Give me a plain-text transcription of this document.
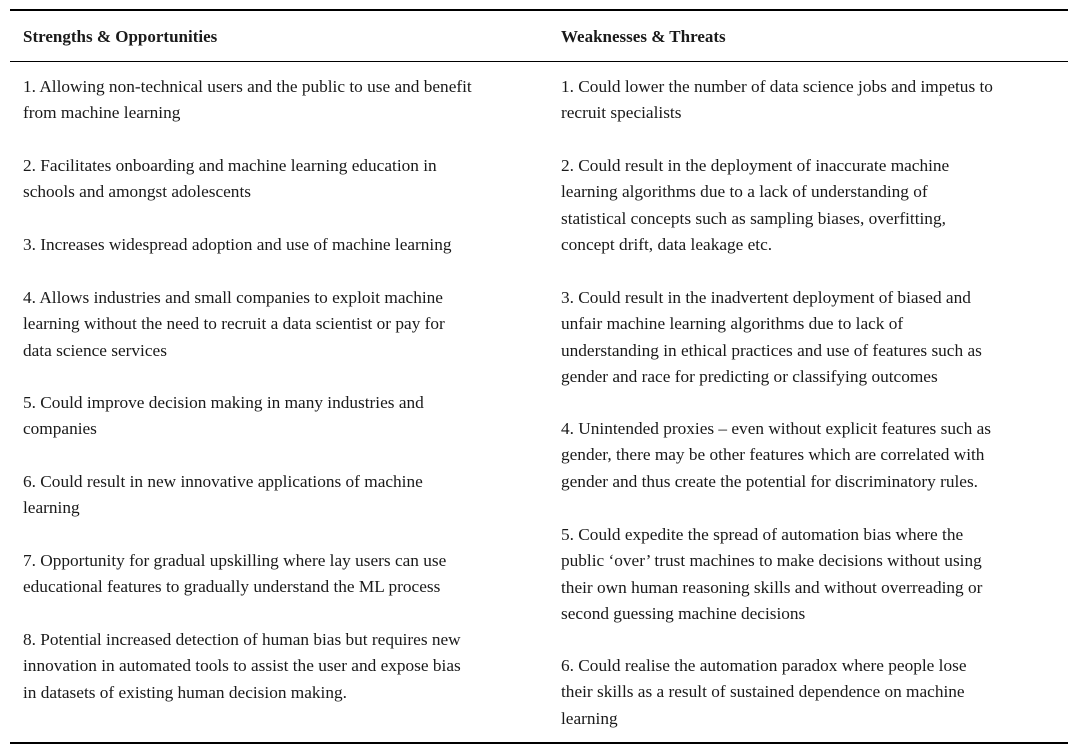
Strengths & Opportunities	Weaknesses & Threats
1. Allowing non-technical users and the public to use and benefit
from machine learning
2. Facilitates onboarding and machine learning education in
schools and amongst adolescents
3. Increases widespread adoption and use of machine learning
4. Allows industries and small companies to exploit machine
learning without the need to recruit a data scientist or pay for
data science services
5. Could improve decision making in many industries and
companies
6. Could result in new innovative applications of machine
learning
7. Opportunity for gradual upskilling where lay users can use
educational features to gradually understand the ML process
8. Potential increased detection of human bias but requires new
innovation in automated tools to assist the user and expose bias
in datasets of existing human decision making.
1. Could lower the number of data science jobs and impetus to
recruit specialists
2. Could result in the deployment of inaccurate machine
learning algorithms due to a lack of understanding of
statistical concepts such as sampling biases, overfitting,
concept drift, data leakage etc.
3. Could result in the inadvertent deployment of biased and
unfair machine learning algorithms due to lack of
understanding in ethical practices and use of features such as
gender and race for predicting or classifying outcomes
4. Unintended proxies – even without explicit features such as
gender, there may be other features which are correlated with
gender and thus create the potential for discriminatory rules.
5. Could expedite the spread of automation bias where the
public ‘over’ trust machines to make decisions without using
their own human reasoning skills and without overreading or
second guessing machine decisions
6. Could realise the automation paradox where people lose
their skills as a result of sustained dependence on machine
learning
